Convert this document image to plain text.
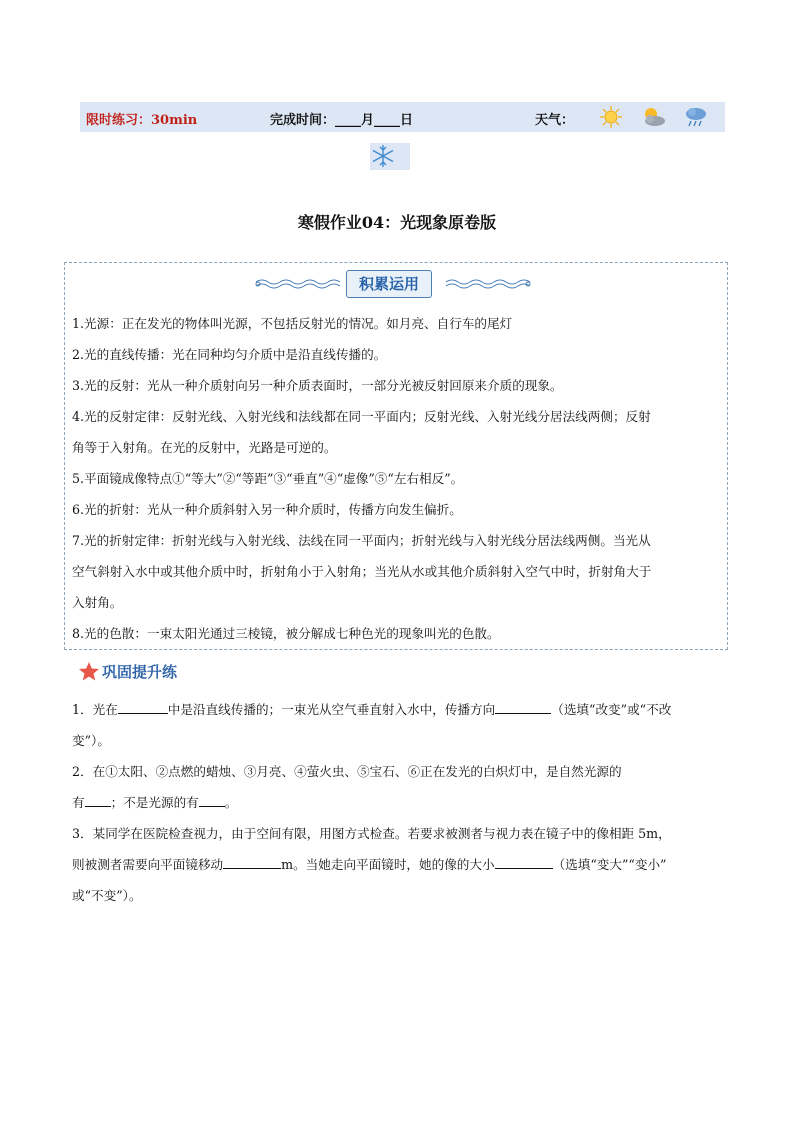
限时练习：30min	完成时间：____月____日	天气：
寒假作业04：光现象原卷版
积累运用
1.光源：正在发光的物体叫光源，不包括反射光的情况。如月亮、自行车的尾灯
2.光的直线传播：光在同种均匀介质中是沿直线传播的。
3.光的反射：光从一种介质射向另一种介质表面时，一部分光被反射回原来介质的现象。
4.光的反射定律：反射光线、入射光线和法线都在同一平面内；反射光线、入射光线分居法线两侧；反射
角等于入射角。在光的反射中，光路是可逆的。
5.平面镜成像特点①“等大”②“等距”③“垂直”④“虚像”⑤“左右相反”。
6.光的折射：光从一种介质斜射入另一种介质时，传播方向发生偏折。
7.光的折射定律：折射光线与入射光线、法线在同一平面内；折射光线与入射光线分居法线两侧。当光从
空气斜射入水中或其他介质中时，折射角小于入射角；当光从水或其他介质斜射入空气中时，折射角大于
入射角。
8.光的色散：一束太阳光通过三棱镜，被分解成七种色光的现象叫光的色散。
巩固提升练
1．光在	中是沿直线传播的；一束光从空气垂直射入水中，传播方向	（选填“改变”或“不改
变”）。
2．在①太阳、②点燃的蜡烛、③月亮、④萤火虫、⑤宝石、⑥正在发光的白炽灯中，是自然光源的
有 ；不是光源的有 。
3．某同学在医院检查视力，由于空间有限，用图方式检查。若要求被测者与视力表在镜子中的像相距 5m，
则被测者需要向平面镜移动	m。当她走向平面镜时，她的像的大小	（选填“变大”“变小”
或“不变”）。
